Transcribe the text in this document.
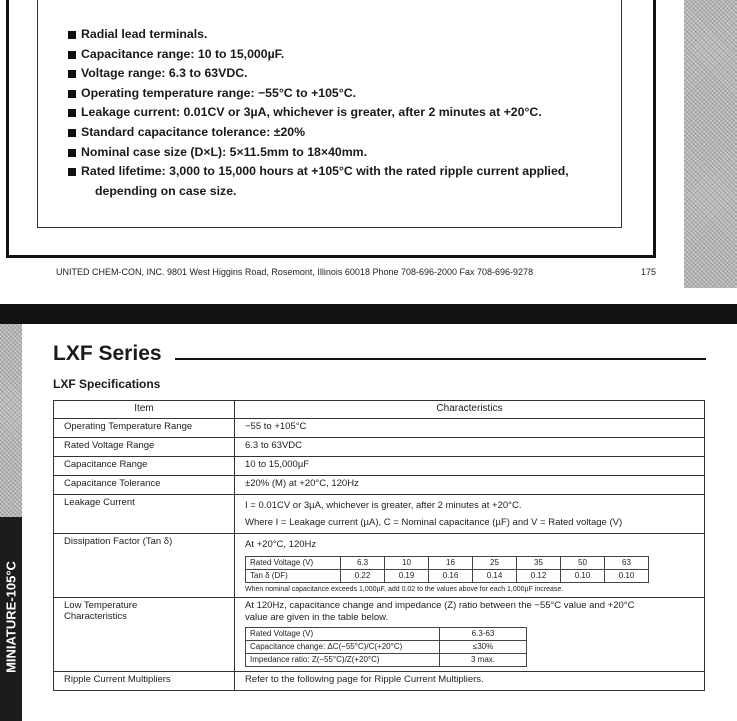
Radial lead terminals.
Capacitance range: 10 to 15,000µF.
Voltage range: 6.3 to 63VDC.
Operating temperature range: −55°C to +105°C.
Leakage current: 0.01CV or 3µA, whichever is greater, after 2 minutes at +20°C.
Standard capacitance tolerance: ±20%
Nominal case size (D×L): 5×11.5mm to 18×40mm.
Rated lifetime: 3,000 to 15,000 hours at +105°C with the rated ripple current applied,
depending on case size.
UNITED CHEM-CON, INC. 9801 West Higgins Road, Rosemont, Illinois 60018 Phone 708-696-2000 Fax 708-696-9278	175
MINIATURE-105°C
LXF Series
LXF Specifications
Item	Characteristics
Operating Temperature Range	−55 to +105°C
Rated Voltage Range	6.3 to 63VDC
Capacitance Range	10 to 15,000µF
Capacitance Tolerance	±20% (M) at +20°C, 120Hz
Leakage Current	I = 0.01CV or 3µA, whichever is greater, after 2 minutes at +20°C.
Where I = Leakage current (µA), C = Nominal capacitance (µF) and V = Rated voltage (V)

Dissipation Factor (Tan δ)	At +20°C, 120Hz
Rated Voltage (V)	6.3	10	16	25	35	50	63
Tan δ (DF)	0.22	0.19	0.16	0.14	0.12	0.10	0.10
When nominal capacitance exceeds 1,000µF, add 0.02 to the values above for each 1,000µF increase.

Low Temperature
Characteristics

At 120Hz, capacitance change and impedance (Z) ratio between the −55°C value and +20°C
value are given in the table below.
Rated Voltage (V)	6.3-63
Capacitance change: ΔC(−55°C)/C(+20°C)	≤30%
Impedance ratio: Z(−55°C)/Z(+20°C)	3 max.

Ripple Current Multipliers	Refer to the following page for Ripple Current Multipliers.
